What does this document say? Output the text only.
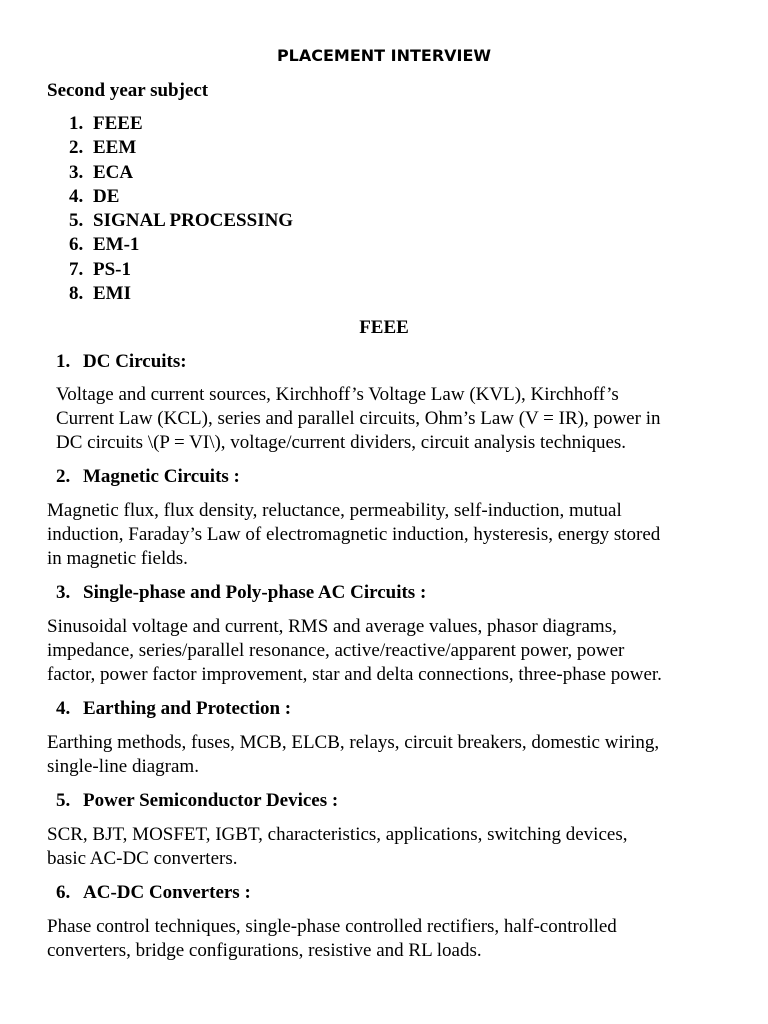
PLACEMENT INTERVIEW
Second year subject
1. FEEE
2. EEM
3. ECA
4. DE
5. SIGNAL PROCESSING
6. EM-1
7. PS-1
8. EMI
FEEE
1. DC Circuits:
Voltage and current sources, Kirchhoff’s Voltage Law (KVL), Kirchhoff’s
Current Law (KCL), series and parallel circuits, Ohm’s Law (V = IR), power in
DC circuits \(P = VI\), voltage/current dividers, circuit analysis techniques.
2. Magnetic Circuits :
Magnetic flux, flux density, reluctance, permeability, self-induction, mutual
induction, Faraday’s Law of electromagnetic induction, hysteresis, energy stored
in magnetic fields.
3. Single-phase and Poly-phase AC Circuits :
Sinusoidal voltage and current, RMS and average values, phasor diagrams,
impedance, series/parallel resonance, active/reactive/apparent power, power
factor, power factor improvement, star and delta connections, three-phase power.
4. Earthing and Protection :
Earthing methods, fuses, MCB, ELCB, relays, circuit breakers, domestic wiring,
single-line diagram.
5. Power Semiconductor Devices :
SCR, BJT, MOSFET, IGBT, characteristics, applications, switching devices,
basic AC-DC converters.
6. AC-DC Converters :
Phase control techniques, single-phase controlled rectifiers, half-controlled
converters, bridge configurations, resistive and RL loads.
